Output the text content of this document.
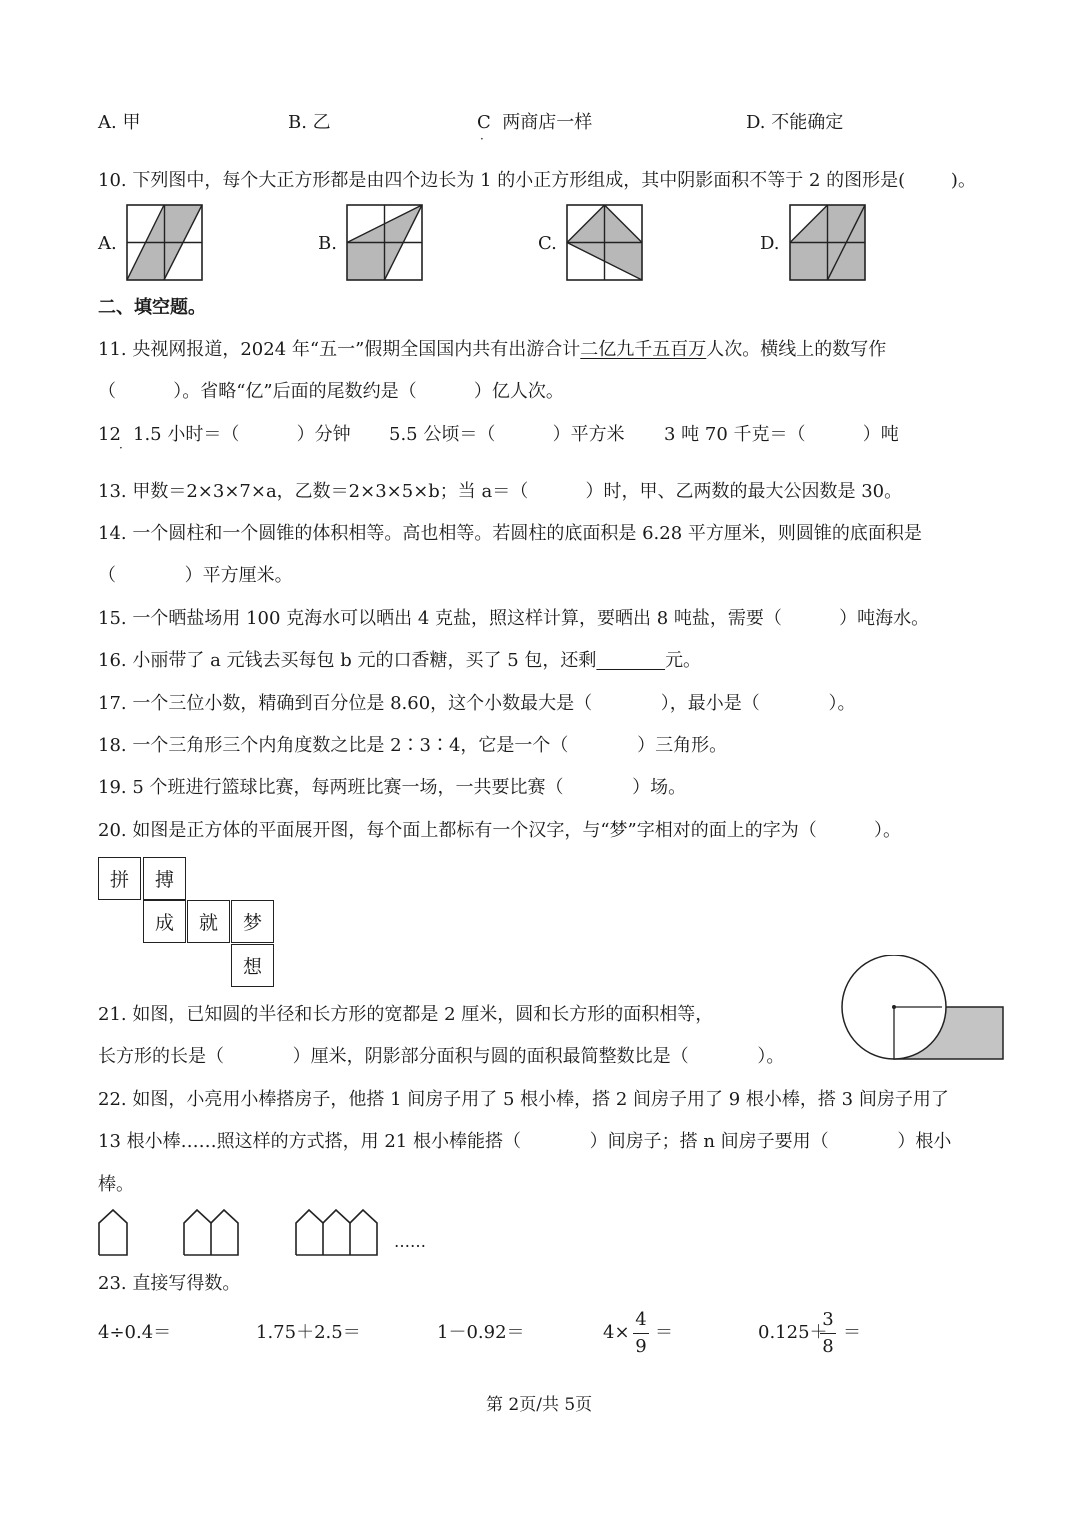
A. 甲	B. 乙	C  两商店一样
·
D. 不能确定
10. 下列图中，每个大正方形都是由四个边长为 1 的小正方形组成，其中阴影面积不等于 2 的图形是(        )。
A.	B.	C.	D.
二、填空题。
11. 央视网报道，2024 年“五一”假期全国国内共有出游合计二亿九千五百万人次。横线上的数写作
（          ）。省略“亿”后面的尾数约是（          ）亿人次。
12
·
1.5 小时＝（          ）分钟 5.5 公顷＝（          ）平方米 3 吨 70 千克＝（          ）吨
13. 甲数＝2×3×7×a，乙数＝2×3×5×b；当 a＝（          ）时，甲、乙两数的最大公因数是 30。
14. 一个圆柱和一个圆锥的体积相等。高也相等。若圆柱的底面积是 6.28 平方厘米，则圆锥的底面积是
（            ）平方厘米。
15. 一个晒盐场用 100 克海水可以晒出 4 克盐，照这样计算，要晒出 8 吨盐，需要（          ）吨海水。
16. 小丽带了 a 元钱去买每包 b 元的口香糖，买了 5 包，还剩	元。
17. 一个三位小数，精确到百分位是 8.60，这个小数最大是（            ），最小是（            ）。
18. 一个三角形三个内角度数之比是 2∶3∶4，它是一个（            ）三角形。
19. 5 个班进行篮球比赛，每两班比赛一场，一共要比赛（            ）场。
20. 如图是正方体的平面展开图，每个面上都标有一个汉字，与“梦”字相对的面上的字为（          ）。
拼	搏
成	就	梦
想
21. 如图，已知圆的半径和长方形的宽都是 2 厘米，圆和长方形的面积相等，
长方形的长是（            ）厘米，阴影部分面积与圆的面积最简整数比是（            ）。
22. 如图，小亮用小棒搭房子，他搭 1 间房子用了 5 根小棒，搭 2 间房子用了 9 根小棒，搭 3 间房子用了
13 根小棒……照这样的方式搭，用 21 根小棒能搭（            ）间房子；搭 n 间房子要用（            ）根小
棒。
……
23. 直接写得数。
4÷0.4＝	1.75＋2.5＝	1－0.92＝	4×
4
9
＝	0.125＋
3
8
＝
第 2页/共 5页
